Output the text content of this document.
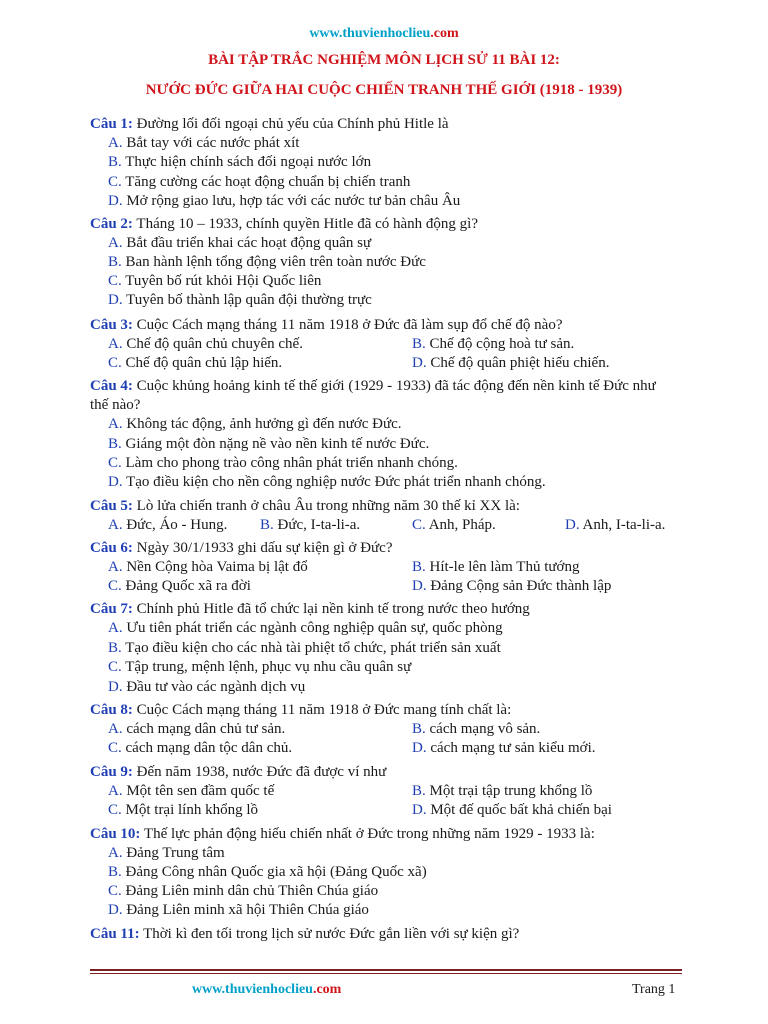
www.thuvienhoclieu.com
BÀI TẬP TRẮC NGHIỆM MÔN LỊCH SỬ 11 BÀI 12:
NƯỚC ĐỨC GIỮA HAI CUỘC CHIẾN TRANH THẾ GIỚI (1918 - 1939)
Câu 1: Đường lối đối ngoại chủ yếu của Chính phủ Hitle là
A. Bắt tay với các nước phát xít
B. Thực hiện chính sách đối ngoại nước lớn
C. Tăng cường các hoạt động chuẩn bị chiến tranh
D. Mở rộng giao lưu, hợp tác với các nước tư bản châu Âu
Câu 2: Tháng 10 – 1933, chính quyền Hitle đã có hành động gì?
A. Bắt đầu triển khai các hoạt động quân sự
B. Ban hành lệnh tổng động viên trên toàn nước Đức
C. Tuyên bố rút khỏi Hội Quốc liên
D. Tuyên bố thành lập quân đội thường trực
Câu 3: Cuộc Cách mạng tháng 11 năm 1918 ở Đức đã làm sụp đổ chế độ nào?
A. Chế độ quân chủ chuyên chế.	B. Chế độ cộng hoà tư sản.
C. Chế độ quân chủ lập hiến.	D. Chế độ quân phiệt hiếu chiến.
Câu 4: Cuộc khủng hoảng kinh tế thế giới (1929 - 1933) đã tác động đến nền kinh tế Đức như
thế nào?
A. Không tác động, ảnh hưởng gì đến nước Đức.
B. Giáng một đòn nặng nề vào nền kinh tế nước Đức.
C. Làm cho phong trào công nhân phát triển nhanh chóng.
D. Tạo điều kiện cho nền công nghiệp nước Đức phát triển nhanh chóng.
Câu 5: Lò lửa chiến tranh ở châu Âu trong những năm 30 thế kỉ XX là:
A. Đức, Áo - Hung. B. Đức, I-ta-li-a.	C. Anh, Pháp.	D. Anh, I-ta-li-a.
Câu 6: Ngày 30/1/1933 ghi dấu sự kiện gì ở Đức?
A. Nền Cộng hòa Vaima bị lật đổ	B. Hít-le lên làm Thủ tướng
C. Đảng Quốc xã ra đời	D. Đảng Cộng sản Đức thành lập
Câu 7: Chính phủ Hitle đã tổ chức lại nền kinh tế trong nước theo hướng
A. Ưu tiên phát triển các ngành công nghiệp quân sự, quốc phòng
B. Tạo điều kiện cho các nhà tài phiệt tổ chức, phát triển sản xuất
C. Tập trung, mệnh lệnh, phục vụ nhu cầu quân sự
D. Đầu tư vào các ngành dịch vụ
Câu 8: Cuộc Cách mạng tháng 11 năm 1918 ở Đức mang tính chất là:
A. cách mạng dân chủ tư sản.	B. cách mạng vô sản.
C. cách mạng dân tộc dân chủ.	D. cách mạng tư sản kiểu mới.
Câu 9: Đến năm 1938, nước Đức đã được ví như
A. Một tên sen đầm quốc tế	B. Một trại tập trung khổng lồ
C. Một trại lính khổng lồ	D. Một đế quốc bất khả chiến bại
Câu 10: Thế lực phản động hiếu chiến nhất ở Đức trong những năm 1929 - 1933 là:
A. Đảng Trung tâm
B. Đảng Công nhân Quốc gia xã hội (Đảng Quốc xã)
C. Đảng Liên minh dân chủ Thiên Chúa giáo
D. Đảng Liên minh xã hội Thiên Chúa giáo
Câu 11: Thời kì đen tối trong lịch sử nước Đức gắn liền với sự kiện gì?
www.thuvienhoclieu.com	Trang 1
